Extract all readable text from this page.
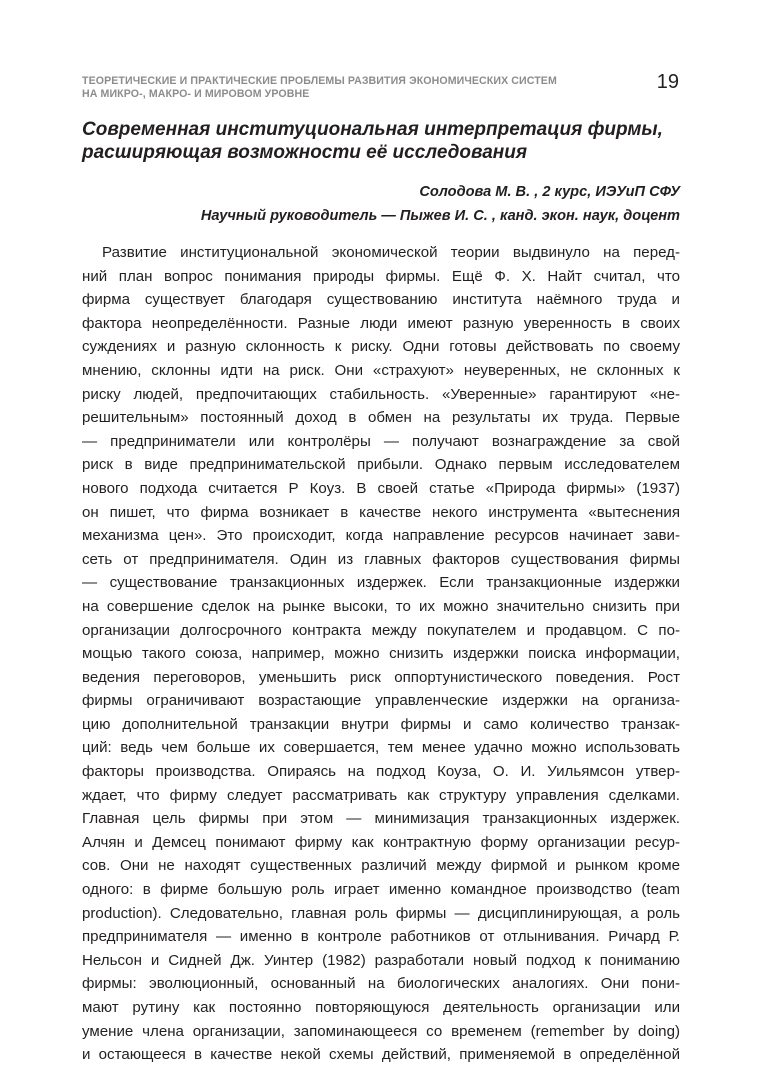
ТЕОРЕТИЧЕСКИЕ И ПРАКТИЧЕСКИЕ ПРОБЛЕМЫ РАЗВИТИЯ ЭКОНОМИЧЕСКИХ СИСТЕМ
НА МИКРО-, МАКРО- И МИРОВОМ УРОВНЕ
19
Современная институциональная интерпретация фирмы,
расширяющая возможности её исследования
Солодова М. В. , 2 курс, ИЭУиП СФУ
Научный руководитель — Пыжев И. С. , канд. экон. наук, доцент
Развитие институциональной экономической теории выдвинуло на перед-
ний план вопрос понимания природы фирмы. Ещё Ф. Х. Найт считал, что
фирма существует благодаря существованию института наёмного труда и
фактора неопределённости. Разные люди имеют разную уверенность в своих
суждениях и разную склонность к риску. Одни готовы действовать по своему
мнению, склонны идти на риск. Они «страхуют» неуверенных, не склонных к
риску людей, предпочитающих стабильность. «Уверенные» гарантируют «не-
решительным» постоянный доход в обмен на результаты их труда. Первые
— предприниматели или контролёры — получают вознаграждение за свой
риск в виде предпринимательской прибыли. Однако первым исследователем
нового подхода считается Р Коуз. В своей статье «Природа фирмы» (1937)
он пишет, что фирма возникает в качестве некого инструмента «вытеснения
механизма цен». Это происходит, когда направление ресурсов начинает зави-
сеть от предпринимателя. Один из главных факторов существования фирмы
— существование транзакционных издержек. Если транзакционные издержки
на совершение сделок на рынке высоки, то их можно значительно снизить при
организации долгосрочного контракта между покупателем и продавцом. С по-
мощью такого союза, например, можно снизить издержки поиска информации,
ведения переговоров, уменьшить риск оппортунистического поведения. Рост
фирмы ограничивают возрастающие управленческие издержки на организа-
цию дополнительной транзакции внутри фирмы и само количество транзак-
ций: ведь чем больше их совершается, тем менее удачно можно использовать
факторы производства. Опираясь на подход Коуза, О. И. Уильямсон утвер-
ждает, что фирму следует рассматривать как структуру управления сделками.
Главная цель фирмы при этом — минимизация транзакционных издержек.
Алчян и Демсец понимают фирму как контрактную форму организации ресур-
сов. Они не находят существенных различий между фирмой и рынком кроме
одного: в фирме большую роль играет именно командное производство (team
production). Следовательно, главная роль фирмы — дисциплинирующая, а роль
предпринимателя — именно в контроле работников от отлынивания. Ричард Р.
Нельсон и Сидней Дж. Уинтер (1982) разработали новый подход к пониманию
фирмы: эволюционный, основанный на биологических аналогиях. Они пони-
мают рутину как постоянно повторяющуюся деятельность организации или
умение члена организации, запоминающееся со временем (remember by doing)
и остающееся в качестве некой схемы действий, применяемой в определённой
